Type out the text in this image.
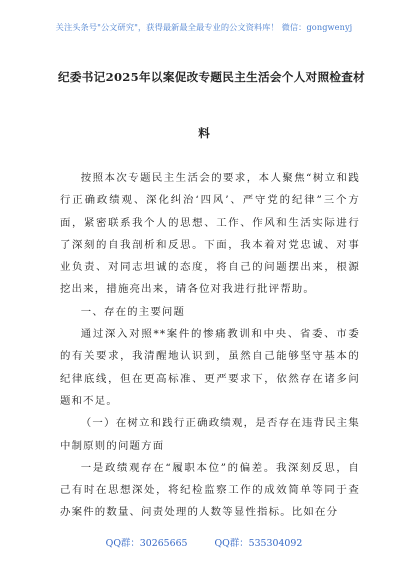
关注头条号"公文研究"，获得最新最全最专业的公文资料库！ 微信：gongwenyj
纪委书记2025年以案促改专题民主生活会个人对照检查材
料

按照本次专题民主生活会的要求，本人聚焦“树立和践行正确政绩观、深化纠治‘四风’、严守党的纪律”三个方面，紧密联系我个人的思想、工作、作风和生活实际进行了深刻的自我剖析和反思。下面，我本着对党忠诚、对事业负责、对同志坦诚的态度，将自己的问题摆出来，根源挖出来，措施亮出来，请各位对我进行批评帮助。

一、存在的主要问题

通过深入对照**案件的惨痛教训和中央、省委、市委的有关要求，我清醒地认识到，虽然自己能够坚守基本的纪律底线，但在更高标准、更严要求下，依然存在诸多问题和不足。

（一）在树立和践行正确政绩观，是否存在违背民主集中制原则的问题方面

一是政绩观存在“履职本位”的偏差。我深刻反思，自己有时在思想深处，将纪检监察工作的成效简单等同于查办案件的数量、问责处理的人数等显性指标。比如在分

QQ群：30265665	QQ群：535304092
